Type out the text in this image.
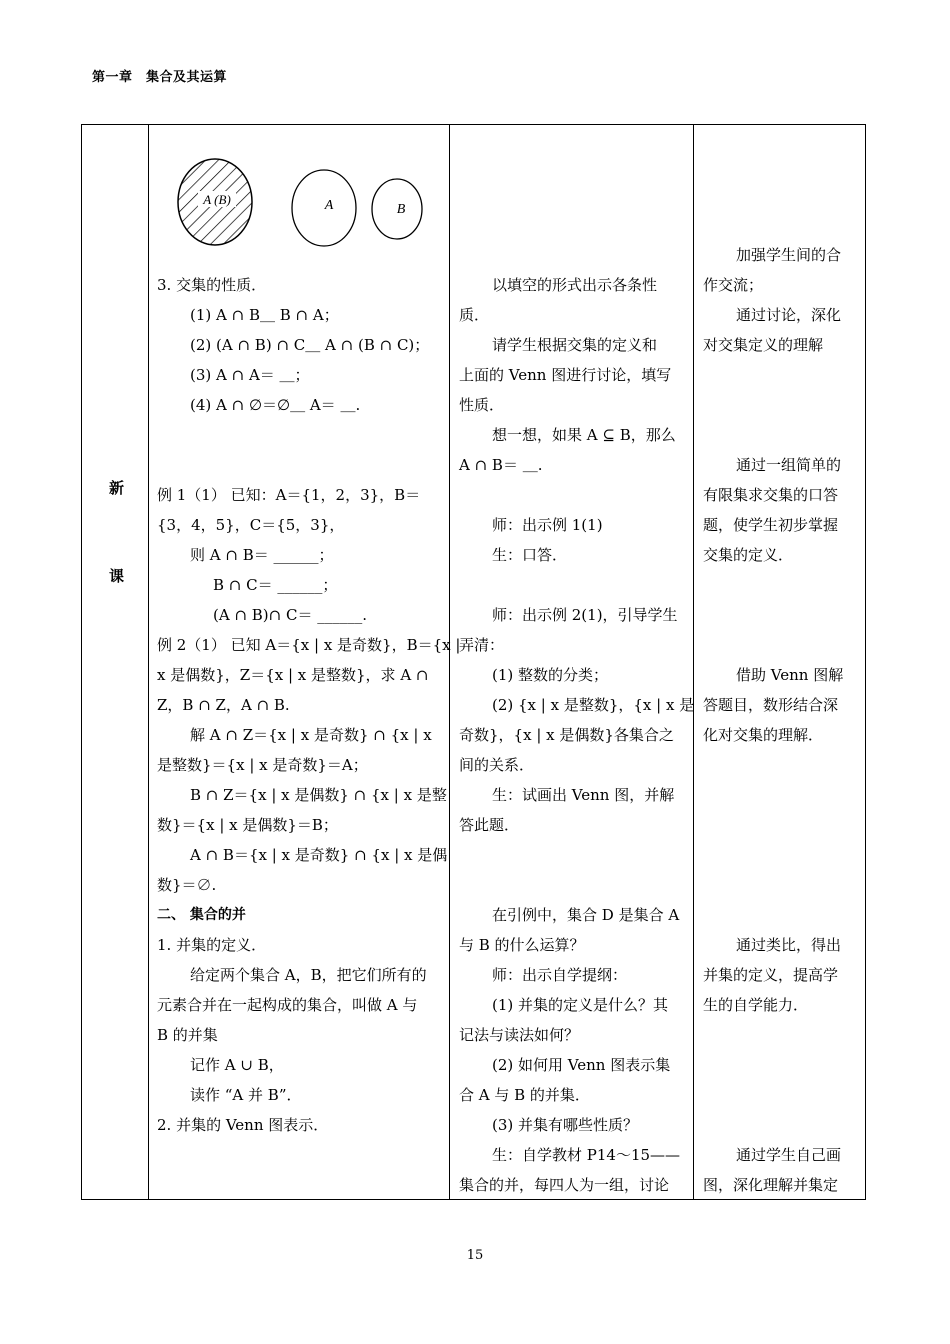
第一章　集合及其运算
新
课
A (B)	A	B
3. 交集的性质．
(1) A ∩ B＿ B ∩ A；
(2) (A ∩ B) ∩ C＿ A ∩ (B ∩ C)；
(3) A ∩ A＝ ＿；
(4) A ∩ ∅＝∅＿ A＝ ＿.
例 1（1） 已知：A＝{1，2，3}，B＝
{3，4，5}，C＝{5，3}，
则 A ∩ B＝ ______；
B ∩ C＝ ______；
(A ∩ B)∩ C＝ ______.
例 2（1） 已知 A＝{x | x 是奇数}，B＝{x |
x 是偶数}，Z＝{x | x 是整数}，求 A ∩
Z，B ∩ Z，A ∩ B.
解 A ∩ Z＝{x | x 是奇数} ∩ {x | x
是整数}＝{x | x 是奇数}＝A；
B ∩ Z＝{x | x 是偶数} ∩ {x | x 是整
数}＝{x | x 是偶数}＝B；
A ∩ B＝{x | x 是奇数} ∩ {x | x 是偶
数}＝∅.
二、 集合的并
1. 并集的定义．
给定两个集合 A，B，把它们所有的
元素合并在一起构成的集合，叫做 A 与
B 的并集
记作 A ∪ B，
读作 “A 并 B”．
2. 并集的 Venn 图表示．
以填空的形式出示各条性
质．
请学生根据交集的定义和
上面的 Venn 图进行讨论，填写
性质．
想一想，如果 A ⊆ B，那么
A ∩ B＝ ＿.
师：出示例 1(1)
生：口答．
师：出示例 2(1)，引导学生
弄清：
(1) 整数的分类；
(2) {x | x 是整数}，{x | x 是
奇数}，{x | x 是偶数}各集合之
间的关系．
生：试画出 Venn 图，并解
答此题．
在引例中，集合 D 是集合 A
与 B 的什么运算？
师：出示自学提纲：
(1) 并集的定义是什么？其
记法与读法如何？
(2) 如何用 Venn 图表示集
合 A 与 B 的并集．
(3) 并集有哪些性质？
生：自学教材 P14～15——
集合的并，每四人为一组，讨论
加强学生间的合
作交流；
通过讨论，深化
对交集定义的理解
通过一组简单的
有限集求交集的口答
题，使学生初步掌握
交集的定义．
借助 Venn 图解
答题目，数形结合深
化对交集的理解．
通过类比，得出
并集的定义，提高学
生的自学能力．
通过学生自己画
图，深化理解并集定
15
